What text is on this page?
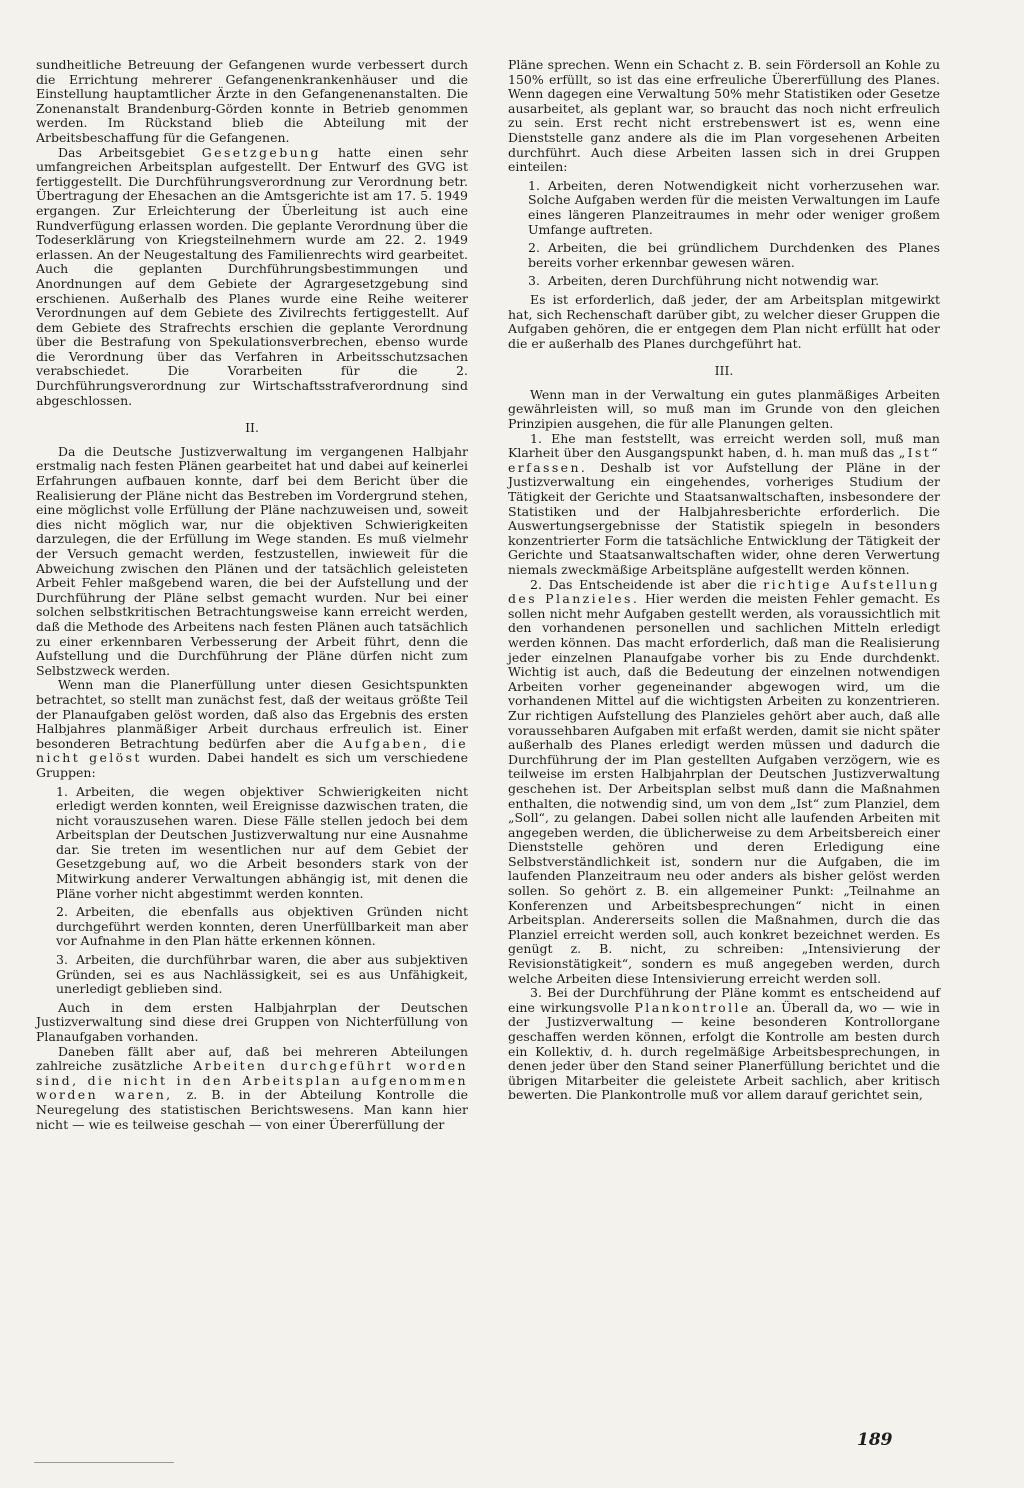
sundheitliche Betreuung der Gefangenen wurde verbessert durch die Errichtung mehrerer Gefangenenkrankenhäuser und die Einstellung hauptamtlicher Ärzte in den Gefangenenanstalten. Die Zonenanstalt Brandenburg-Görden konnte in Betrieb genommen werden. Im Rückstand blieb die Abteilung mit der Arbeitsbeschaffung für die Gefangenen.

Das Arbeitsgebiet Gesetzgebung hatte einen sehr umfangreichen Arbeitsplan aufgestellt. Der Entwurf des GVG ist fertiggestellt. Die Durchführungsverordnung zur Verordnung betr. Übertragung der Ehesachen an die Amtsgerichte ist am 17. 5. 1949 ergangen. Zur Erleichterung der Überleitung ist auch eine Rundverfügung erlassen worden. Die geplante Verordnung über die Todeserklärung von Kriegsteilnehmern wurde am 22. 2. 1949 erlassen. An der Neugestaltung des Familienrechts wird gearbeitet. Auch die geplanten Durchführungsbestimmungen und Anordnungen auf dem Gebiete der Agrargesetzgebung sind erschienen. Außerhalb des Planes wurde eine Reihe weiterer Verordnungen auf dem Gebiete des Zivilrechts fertiggestellt. Auf dem Gebiete des Strafrechts erschien die geplante Verordnung über die Bestrafung von Spekulationsverbrechen, ebenso wurde die Verordnung über das Verfahren in Arbeitsschutzsachen verabschiedet. Die Vorarbeiten für die 2. Durchführungsverordnung zur Wirtschaftsstrafverordnung sind abgeschlossen.

II.

Da die Deutsche Justizverwaltung im vergangenen Halbjahr erstmalig nach festen Plänen gearbeitet hat und dabei auf keinerlei Erfahrungen aufbauen konnte, darf bei dem Bericht über die Realisierung der Pläne nicht das Bestreben im Vordergrund stehen, eine möglichst volle Erfüllung der Pläne nachzuweisen und, soweit dies nicht möglich war, nur die objektiven Schwierigkeiten darzulegen, die der Erfüllung im Wege standen. Es muß vielmehr der Versuch gemacht werden, festzustellen, inwieweit für die Abweichung zwischen den Plänen und der tatsächlich geleisteten Arbeit Fehler maßgebend waren, die bei der Aufstellung und der Durchführung der Pläne selbst gemacht wurden. Nur bei einer solchen selbstkritischen Betrachtungsweise kann erreicht werden, daß die Methode des Arbeitens nach festen Plänen auch tatsächlich zu einer erkennbaren Verbesserung der Arbeit führt, denn die Aufstellung und die Durchführung der Pläne dürfen nicht zum Selbstzweck werden.

Wenn man die Planerfüllung unter diesen Gesichtspunkten betrachtet, so stellt man zunächst fest, daß der weitaus größte Teil der Planaufgaben gelöst worden, daß also das Ergebnis des ersten Halbjahres planmäßiger Arbeit durchaus erfreulich ist. Einer besonderen Betrachtung bedürfen aber die Aufgaben, die nicht gelöst wurden. Dabei handelt es sich um verschiedene Gruppen:

1. Arbeiten, die wegen objektiver Schwierigkeiten nicht erledigt werden konnten, weil Ereignisse dazwischen traten, die nicht vorauszusehen waren. Diese Fälle stellen jedoch bei dem Arbeitsplan der Deutschen Justizverwaltung nur eine Ausnahme dar. Sie treten im wesentlichen nur auf dem Gebiet der Gesetzgebung auf, wo die Arbeit besonders stark von der Mitwirkung anderer Verwaltungen abhängig ist, mit denen die Pläne vorher nicht abgestimmt werden konnten.

2. Arbeiten, die ebenfalls aus objektiven Gründen nicht durchgeführt werden konnten, deren Unerfüllbarkeit man aber vor Aufnahme in den Plan hätte erkennen können.

3. Arbeiten, die durchführbar waren, die aber aus subjektiven Gründen, sei es aus Nachlässigkeit, sei es aus Unfähigkeit, unerledigt geblieben sind.

Auch in dem ersten Halbjahrplan der Deutschen Justizverwaltung sind diese drei Gruppen von Nichterfüllung von Planaufgaben vorhanden.

Daneben fällt aber auf, daß bei mehreren Abteilungen zahlreiche zusätzliche Arbeiten durchgeführt worden sind, die nicht in den Arbeitsplan aufgenommen worden waren, z. B. in der Abteilung Kontrolle die Neuregelung des statistischen Berichtswesens. Man kann hier nicht — wie es teilweise geschah — von einer Übererfüllung der

Pläne sprechen. Wenn ein Schacht z. B. sein Fördersoll an Kohle zu 150% erfüllt, so ist das eine erfreuliche Übererfüllung des Planes. Wenn dagegen eine Verwaltung 50% mehr Statistiken oder Gesetze ausarbeitet, als geplant war, so braucht das noch nicht erfreulich zu sein. Erst recht nicht erstrebenswert ist es, wenn eine Dienststelle ganz andere als die im Plan vorgesehenen Arbeiten durchführt. Auch diese Arbeiten lassen sich in drei Gruppen einteilen:

1. Arbeiten, deren Notwendigkeit nicht vorherzusehen war. Solche Aufgaben werden für die meisten Verwaltungen im Laufe eines längeren Planzeitraumes in mehr oder weniger großem Umfange auftreten.

2. Arbeiten, die bei gründlichem Durchdenken des Planes bereits vorher erkennbar gewesen wären.

3. Arbeiten, deren Durchführung nicht notwendig war.

Es ist erforderlich, daß jeder, der am Arbeitsplan mitgewirkt hat, sich Rechenschaft darüber gibt, zu welcher dieser Gruppen die Aufgaben gehören, die er entgegen dem Plan nicht erfüllt hat oder die er außerhalb des Planes durchgeführt hat.

III.

Wenn man in der Verwaltung ein gutes planmäßiges Arbeiten gewährleisten will, so muß man im Grunde von den gleichen Prinzipien ausgehen, die für alle Planungen gelten.

1. Ehe man feststellt, was erreicht werden soll, muß man Klarheit über den Ausgangspunkt haben, d. h. man muß das „Ist“ erfassen. Deshalb ist vor Aufstellung der Pläne in der Justizverwaltung ein eingehendes, vorheriges Studium der Tätigkeit der Gerichte und Staatsanwaltschaften, insbesondere der Statistiken und der Halbjahresberichte erforderlich. Die Auswertungsergebnisse der Statistik spiegeln in besonders konzentrierter Form die tatsächliche Entwicklung der Tätigkeit der Gerichte und Staatsanwaltschaften wider, ohne deren Verwertung niemals zweckmäßige Arbeitspläne aufgestellt werden können.

2. Das Entscheidende ist aber die richtige Aufstellung des Planzieles. Hier werden die meisten Fehler gemacht. Es sollen nicht mehr Aufgaben gestellt werden, als voraussichtlich mit den vorhandenen personellen und sachlichen Mitteln erledigt werden können. Das macht erforderlich, daß man die Realisierung jeder einzelnen Planaufgabe vorher bis zu Ende durchdenkt. Wichtig ist auch, daß die Bedeutung der einzelnen notwendigen Arbeiten vorher gegeneinander abgewogen wird, um die vorhandenen Mittel auf die wichtigsten Arbeiten zu konzentrieren. Zur richtigen Aufstellung des Planzieles gehört aber auch, daß alle voraussehbaren Aufgaben mit erfaßt werden, damit sie nicht später außerhalb des Planes erledigt werden müssen und dadurch die Durchführung der im Plan gestellten Aufgaben verzögern, wie es teilweise im ersten Halbjahrplan der Deutschen Justizverwaltung geschehen ist. Der Arbeitsplan selbst muß dann die Maßnahmen enthalten, die notwendig sind, um von dem „Ist“ zum Planziel, dem „Soll“, zu gelangen. Dabei sollen nicht alle laufenden Arbeiten mit angegeben werden, die üblicherweise zu dem Arbeitsbereich einer Dienststelle gehören und deren Erledigung eine Selbstverständlichkeit ist, sondern nur die Aufgaben, die im laufenden Planzeitraum neu oder anders als bisher gelöst werden sollen. So gehört z. B. ein allgemeiner Punkt: „Teilnahme an Konferenzen und Arbeitsbesprechungen“ nicht in einen Arbeitsplan. Andererseits sollen die Maßnahmen, durch die das Planziel erreicht werden soll, auch konkret bezeichnet werden. Es genügt z. B. nicht, zu schreiben: „Intensivierung der Revisionstätigkeit“, sondern es muß angegeben werden, durch welche Arbeiten diese Intensivierung erreicht werden soll.

3. Bei der Durchführung der Pläne kommt es entscheidend auf eine wirkungsvolle Plankontrolle an. Überall da, wo — wie in der Justizverwaltung — keine besonderen Kontrollorgane geschaffen werden können, erfolgt die Kontrolle am besten durch ein Kollektiv, d. h. durch regelmäßige Arbeitsbesprechungen, in denen jeder über den Stand seiner Planerfüllung berichtet und die übrigen Mitarbeiter die geleistete Arbeit sachlich, aber kritisch bewerten. Die Plankontrolle muß vor allem darauf gerichtet sein,

189
